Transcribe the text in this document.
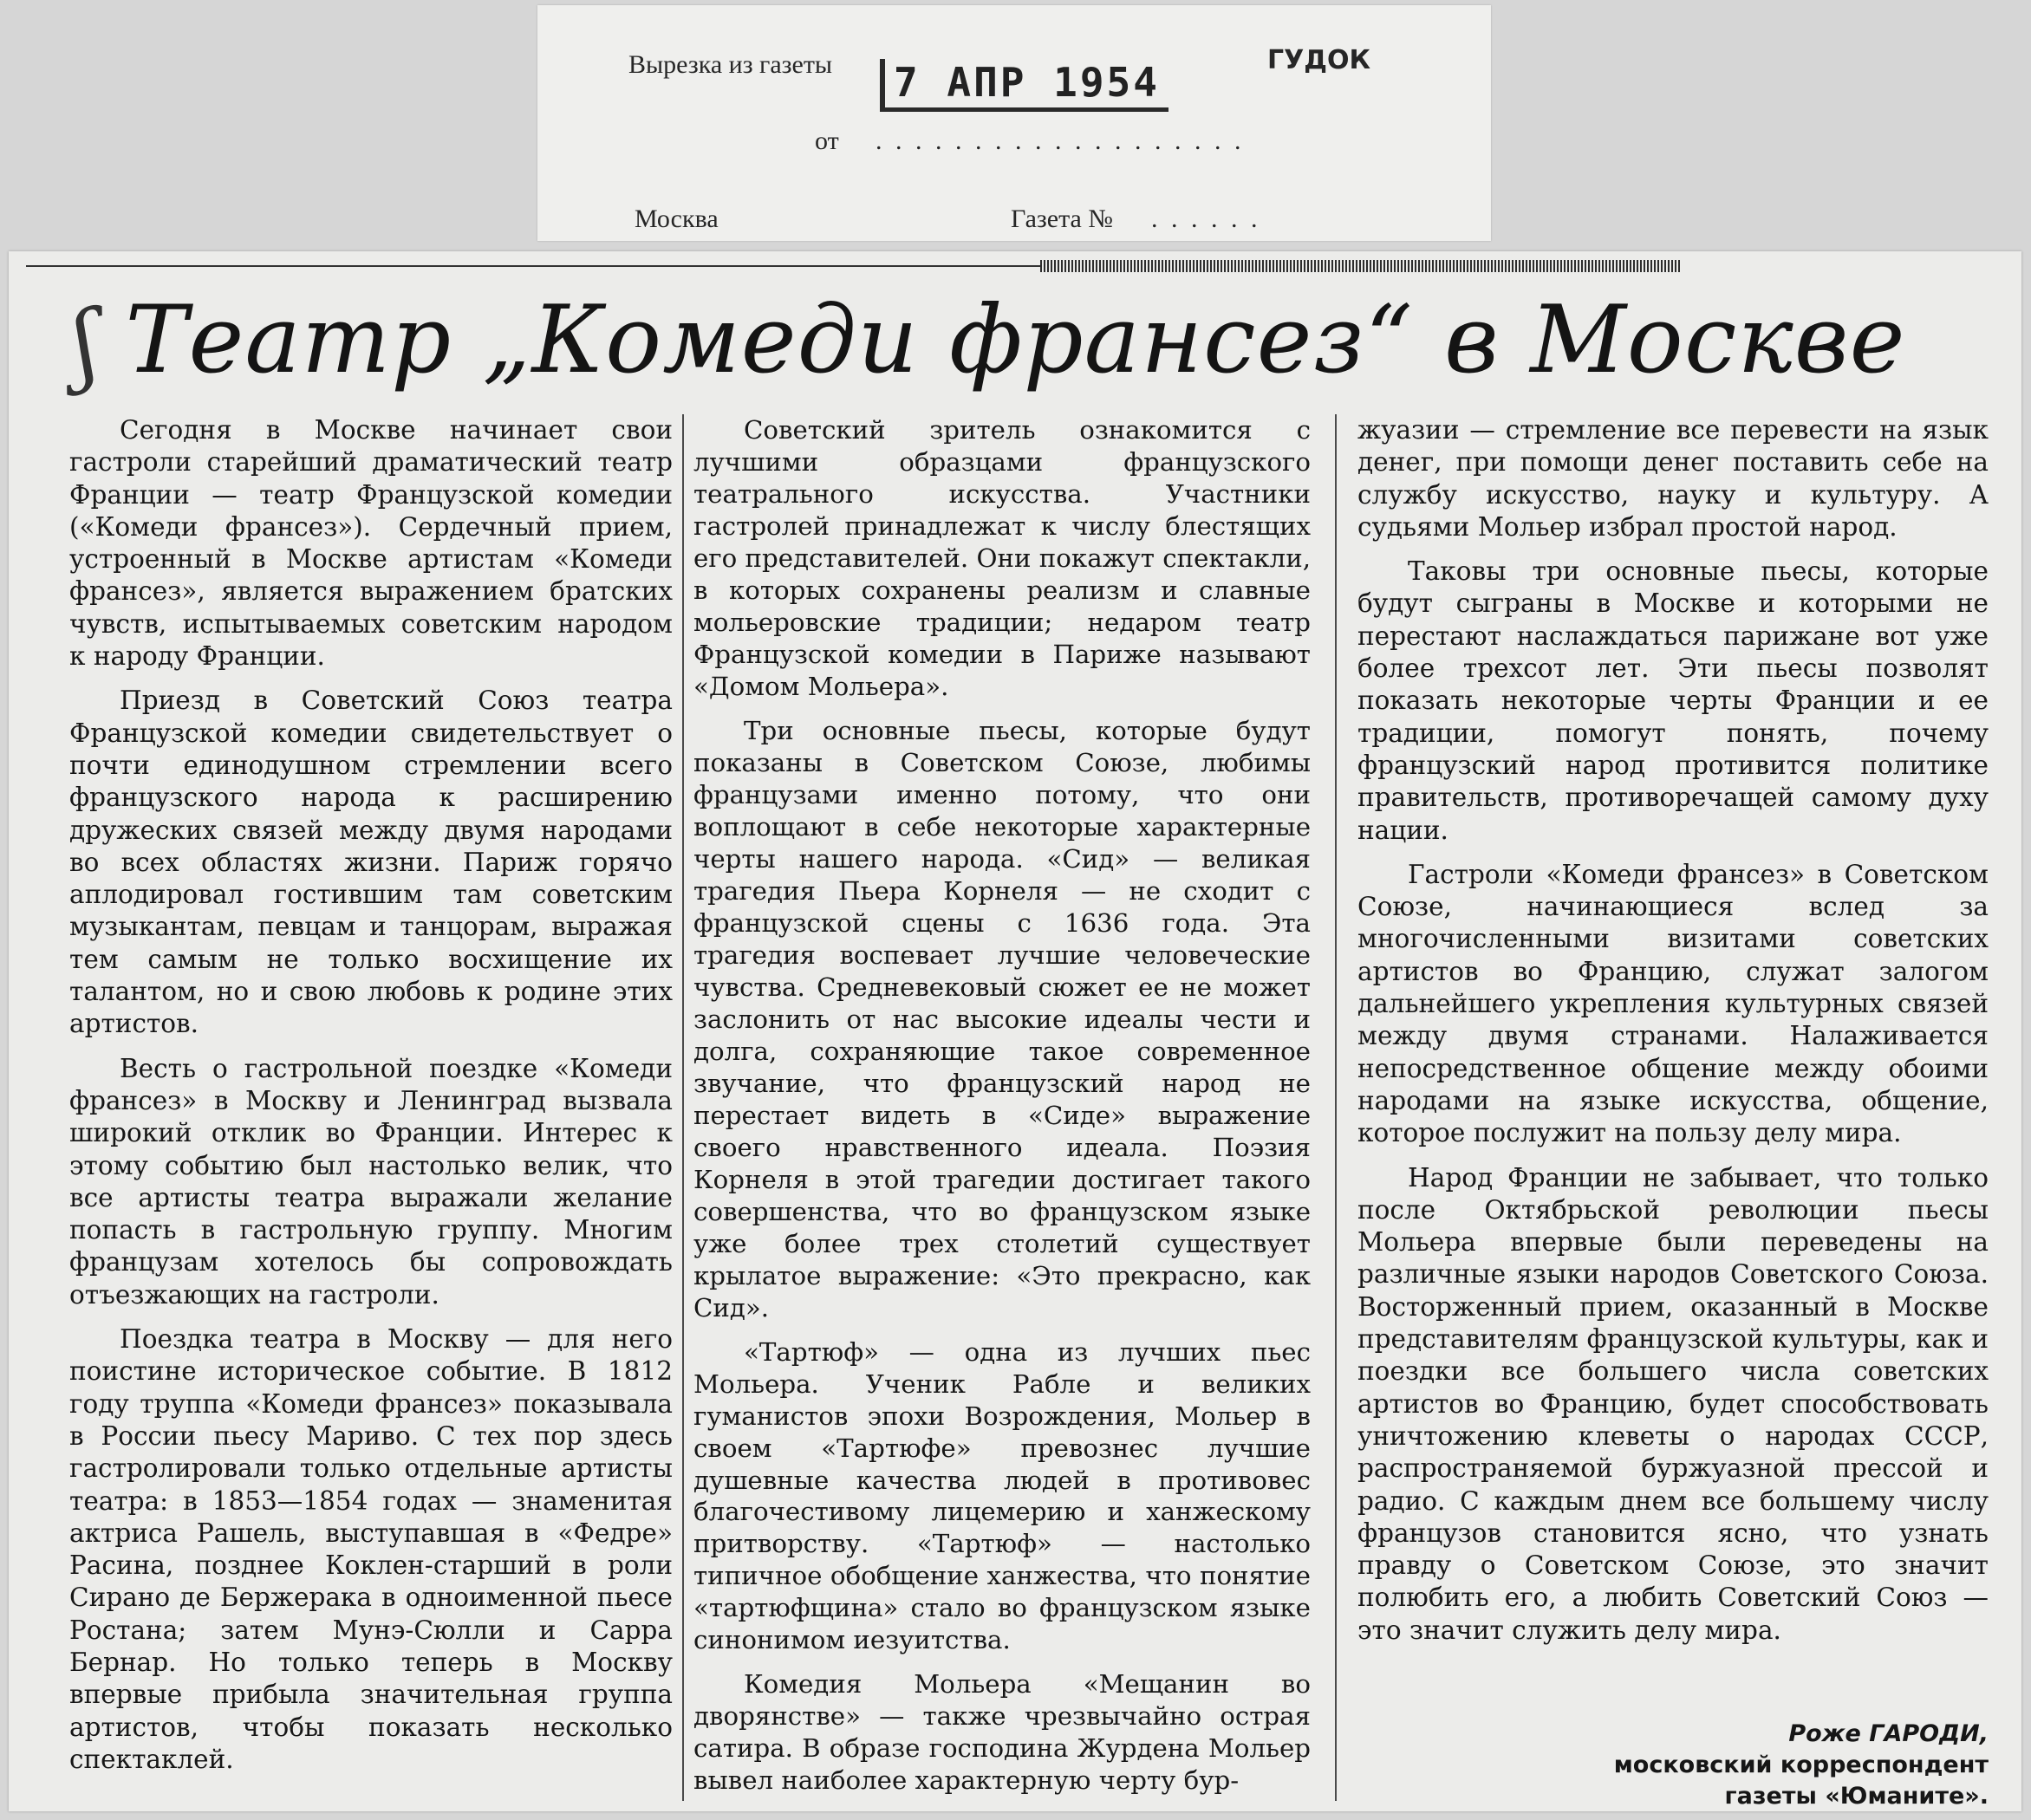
Вырезка из газеты	7 АПР 1954	ГУДОК
от . . . . . . . . . . . . . . . . . . .
Москва	Газета № . . . . . .
ʃ Театр „Комеди франсез“ в Москве

Сегодня в Москве начинает свои гастроли старейший драматический театр Франции — театр Французской комедии («Комеди франсез»). Сердечный прием, устроенный в Москве артистам «Комеди франсез», является выражением братских чувств, испытываемых советским народом к народу Франции.

Приезд в Советский Союз театра Французской комедии свидетельствует о почти единодушном стремлении всего французского народа к расширению дружеских связей между двумя народами во всех областях жизни. Париж горячо аплодировал гостившим там советским музыкантам, певцам и танцорам, выражая тем самым не только восхищение их талантом, но и свою любовь к родине этих артистов.

Весть о гастрольной поездке «Комеди франсез» в Москву и Ленинград вызвала широкий отклик во Франции. Интерес к этому событию был настолько велик, что все артисты театра выражали желание попасть в гастрольную группу. Многим французам хотелось бы сопровождать отъезжающих на гастроли.

Поездка театра в Москву — для него поистине историческое событие. В 1812 году труппа «Комеди франсез» показывала в России пьесу Мариво. С тех пор здесь гастролировали только отдельные артисты театра: в 1853—1854 годах — знаменитая актриса Рашель, выступавшая в «Федре» Расина, позднее Коклен-старший в роли Сирано де Бержерака в одноименной пьесе Ростана; затем Мунэ-Сюлли и Сарра Бернар. Но только теперь в Москву впервые прибыла значительная группа артистов, чтобы показать несколько спектаклей.

Советский зритель ознакомится с лучшими образцами французского театрального искусства. Участники гастролей принадлежат к числу блестящих его представителей. Они покажут спектакли, в которых сохранены реализм и славные мольеровские традиции; недаром театр Французской комедии в Париже называют «Домом Мольера».

Три основные пьесы, которые будут показаны в Советском Союзе, любимы французами именно потому, что они воплощают в себе некоторые характерные черты нашего народа. «Сид» — великая трагедия Пьера Корнеля — не сходит с французской сцены с 1636 года. Эта трагедия воспевает лучшие человеческие чувства. Средневековый сюжет ее не может заслонить от нас высокие идеалы чести и долга, сохраняющие такое современное звучание, что французский народ не перестает видеть в «Сиде» выражение своего нравственного идеала. Поэзия Корнеля в этой трагедии достигает такого совершенства, что во французском языке уже более трех столетий существует крылатое выражение: «Это прекрасно, как Сид».

«Тартюф» — одна из лучших пьес Мольера. Ученик Рабле и великих гуманистов эпохи Возрождения, Мольер в своем «Тартюфе» превознес лучшие душевные качества людей в противовес благочестивому лицемерию и ханжескому притворству. «Тартюф» — настолько типичное обобщение ханжества, что понятие «тартюфщина» стало во французском языке синонимом иезуитства.

Комедия Мольера «Мещанин во дворянстве» — также чрезвычайно острая сатира. В образе господина Журдена Мольер вывел наиболее характерную черту бур-

жуазии — стремление все перевести на язык денег, при помощи денег поставить себе на службу искусство, науку и культуру. А судьями Мольер избрал простой народ.

Таковы три основные пьесы, которые будут сыграны в Москве и которыми не перестают наслаждаться парижане вот уже более трехсот лет. Эти пьесы позволят показать некоторые черты Франции и ее традиции, помогут понять, почему французский народ противится политике правительств, противоречащей самому духу нации.

Гастроли «Комеди франсез» в Советском Союзе, начинающиеся вслед за многочисленными визитами советских артистов во Францию, служат залогом дальнейшего укрепления культурных связей между двумя странами. Налаживается непосредственное общение между обоими народами на языке искусства, общение, которое послужит на пользу делу мира.

Народ Франции не забывает, что только после Октябрьской революции пьесы Мольера впервые были переведены на различные языки народов Советского Союза. Восторженный прием, оказанный в Москве представителям французской культуры, как и поездки все большего числа советских артистов во Францию, будет способствовать уничтожению клеветы о народах СССР, распространяемой буржуазной прессой и радио. С каждым днем все большему числу французов становится ясно, что узнать правду о Советском Союзе, это значит полюбить его, а любить Советский Союз — это значит служить делу мира.

Роже ГАРОДИ,
московский корреспондент
газеты «Юманите».
